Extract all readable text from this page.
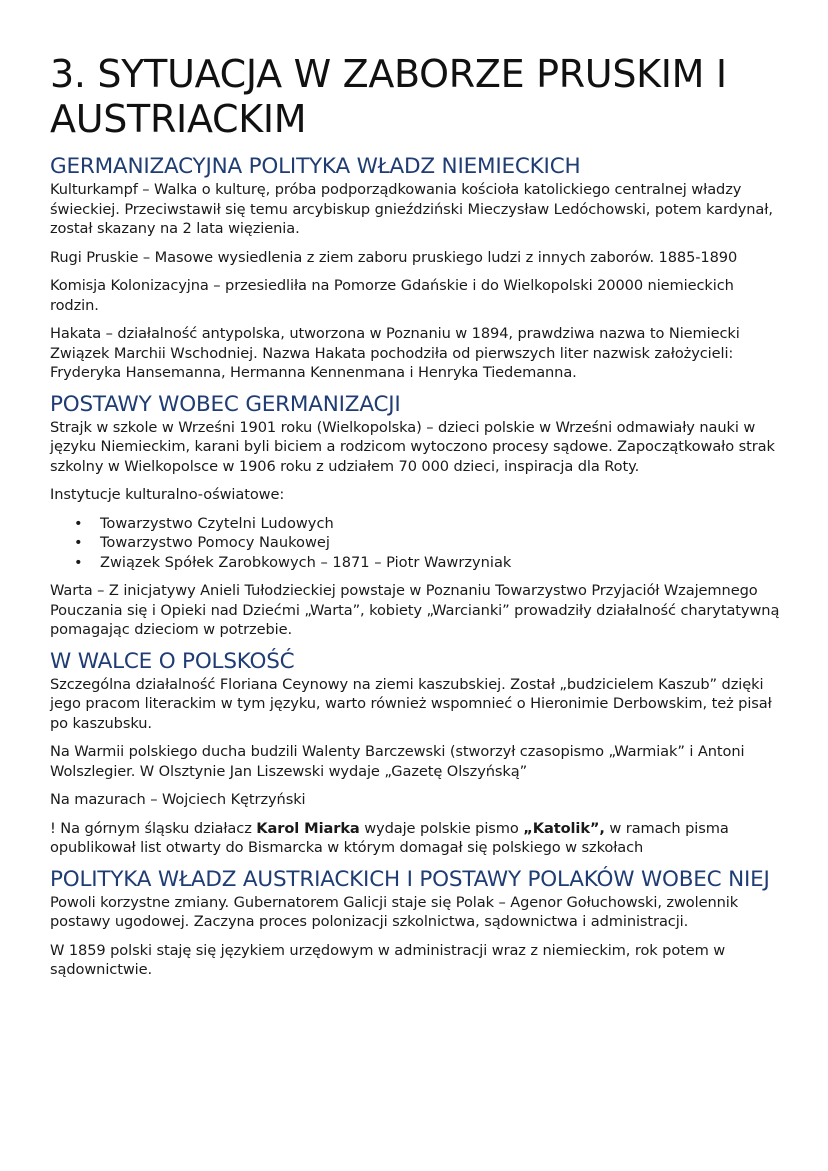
3. SYTUACJA W ZABORZE PRUSKIM I AUSTRIACKIM
GERMANIZACYJNA POLITYKA WŁADZ NIEMIECKICH

Kulturkampf – Walka o kulturę, próba podporządkowania kościoła katolickiego centralnej władzy świeckiej. Przeciwstawił się temu arcybiskup gnieździński Mieczysław Ledóchowski, potem kardynał, został skazany na 2 lata więzienia.

Rugi Pruskie – Masowe wysiedlenia z ziem zaboru pruskiego ludzi z innych zaborów. 1885-1890

Komisja Kolonizacyjna – przesiedliła na Pomorze Gdańskie i do Wielkopolski 20000 niemieckich rodzin.

Hakata – działalność antypolska, utworzona w Poznaniu w 1894, prawdziwa nazwa to Niemiecki Związek Marchii Wschodniej. Nazwa Hakata pochodziła od pierwszych liter nazwisk założycieli: Fryderyka Hansemanna, Hermanna Kennenmana i Henryka Tiedemanna.

POSTAWY WOBEC GERMANIZACJI

Strajk w szkole w Wrześni 1901 roku (Wielkopolska) – dzieci polskie w Wrześni odmawiały nauki w języku Niemieckim, karani byli biciem a rodzicom wytoczono procesy sądowe. Zapoczątkowało strak szkolny w Wielkopolsce w 1906 roku z udziałem 70 000 dzieci, inspiracja dla Roty.

Instytucje kulturalno-oświatowe:

• Towarzystwo Czytelni Ludowych
• Towarzystwo Pomocy Naukowej
• Związek Spółek Zarobkowych – 1871 – Piotr Wawrzyniak

Warta – Z inicjatywy Anieli Tułodzieckiej powstaje w Poznaniu Towarzystwo Przyjaciół Wzajemnego Pouczania się i Opieki nad Dziećmi „Warta”, kobiety „Warcianki” prowadziły działalność charytatywną pomagając dzieciom w potrzebie.

W WALCE O POLSKOŚĆ

Szczególna działalność Floriana Ceynowy na ziemi kaszubskiej. Został „budzicielem Kaszub” dzięki jego pracom literackim w tym języku, warto również wspomnieć o Hieronimie Derbowskim, też pisał po kaszubsku.

Na Warmii polskiego ducha budzili Walenty Barczewski (stworzył czasopismo „Warmiak” i Antoni Wolszlegier. W Olsztynie Jan Liszewski wydaje „Gazetę Olszyńską”

Na mazurach – Wojciech Kętrzyński

! Na górnym śląsku działacz Karol Miarka wydaje polskie pismo „Katolik”, w ramach pisma opublikował list otwarty do Bismarcka w którym domagał się polskiego w szkołach

POLITYKA WŁADZ AUSTRIACKICH I POSTAWY POLAKÓW WOBEC NIEJ

Powoli korzystne zmiany. Gubernatorem Galicji staje się Polak – Agenor Gołuchowski, zwolennik postawy ugodowej. Zaczyna proces polonizacji szkolnictwa, sądownictwa i administracji.

W 1859 polski staję się językiem urzędowym w administracji wraz z niemieckim, rok potem w sądownictwie.
